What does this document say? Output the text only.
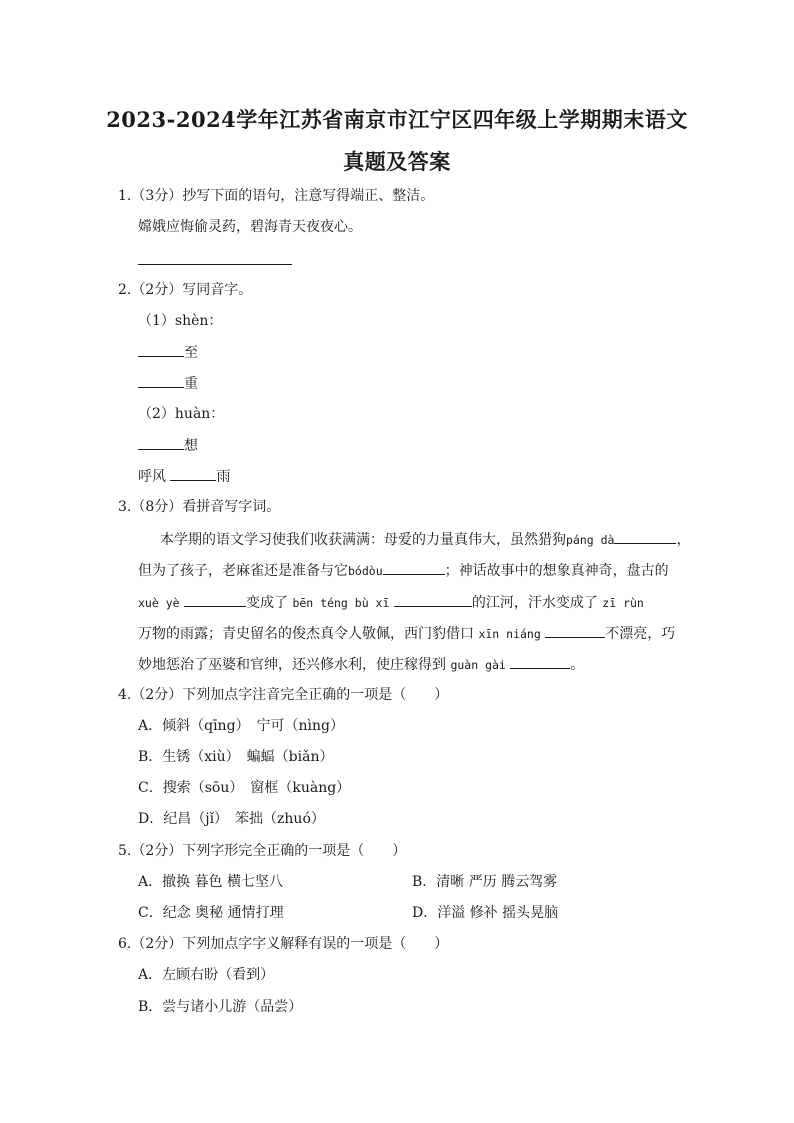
2023-2024学年江苏省南京市江宁区四年级上学期期末语文
真题及答案
1.（3分）抄写下面的语句，注意写得端正、整洁。
嫦娥应悔偷灵药，碧海青天夜夜心。
2.（2分）写同音字。
（1）shèn：
至
重
（2）huàn：
想
呼风	雨
3.（8分）看拼音写字词。
本学期的语文学习使我们收获满满：母爱的力量真伟大，虽然猎狗páng dà	，
但为了孩子，老麻雀还是准备与它bódòu	；神话故事中的想象真神奇，盘古的
xuè yè	变成了 bēn téng bù xī	的江河，汗水变成了 zī rùn
万物的雨露；青史留名的俊杰真令人敬佩，西门豹借口 xīn niáng	不漂亮，巧
妙地惩治了巫婆和官绅，还兴修水利，使庄稼得到 guàn gài	。
4.（2分）下列加点字注音完全正确的一项是（　　）
A．倾斜（qīng）　宁可（nìng）
B．生锈（xiù）　蝙蝠（biǎn）
C．搜索（sōu）　窗框（kuàng）
D．纪昌（jǐ）　笨拙（zhuó）
5.（2分）下列字形完全正确的一项是（　　）
A．撤换 暮色 横七坚八	B．清晰 严历 腾云驾雾
C．纪念 奥秘 通情打理	D．洋溢 修补 摇头晃脑
6.（2分）下列加点字字义解释有误的一项是（　　）
A．左顾右盼（看到）
B．尝与诸小儿游（品尝）
